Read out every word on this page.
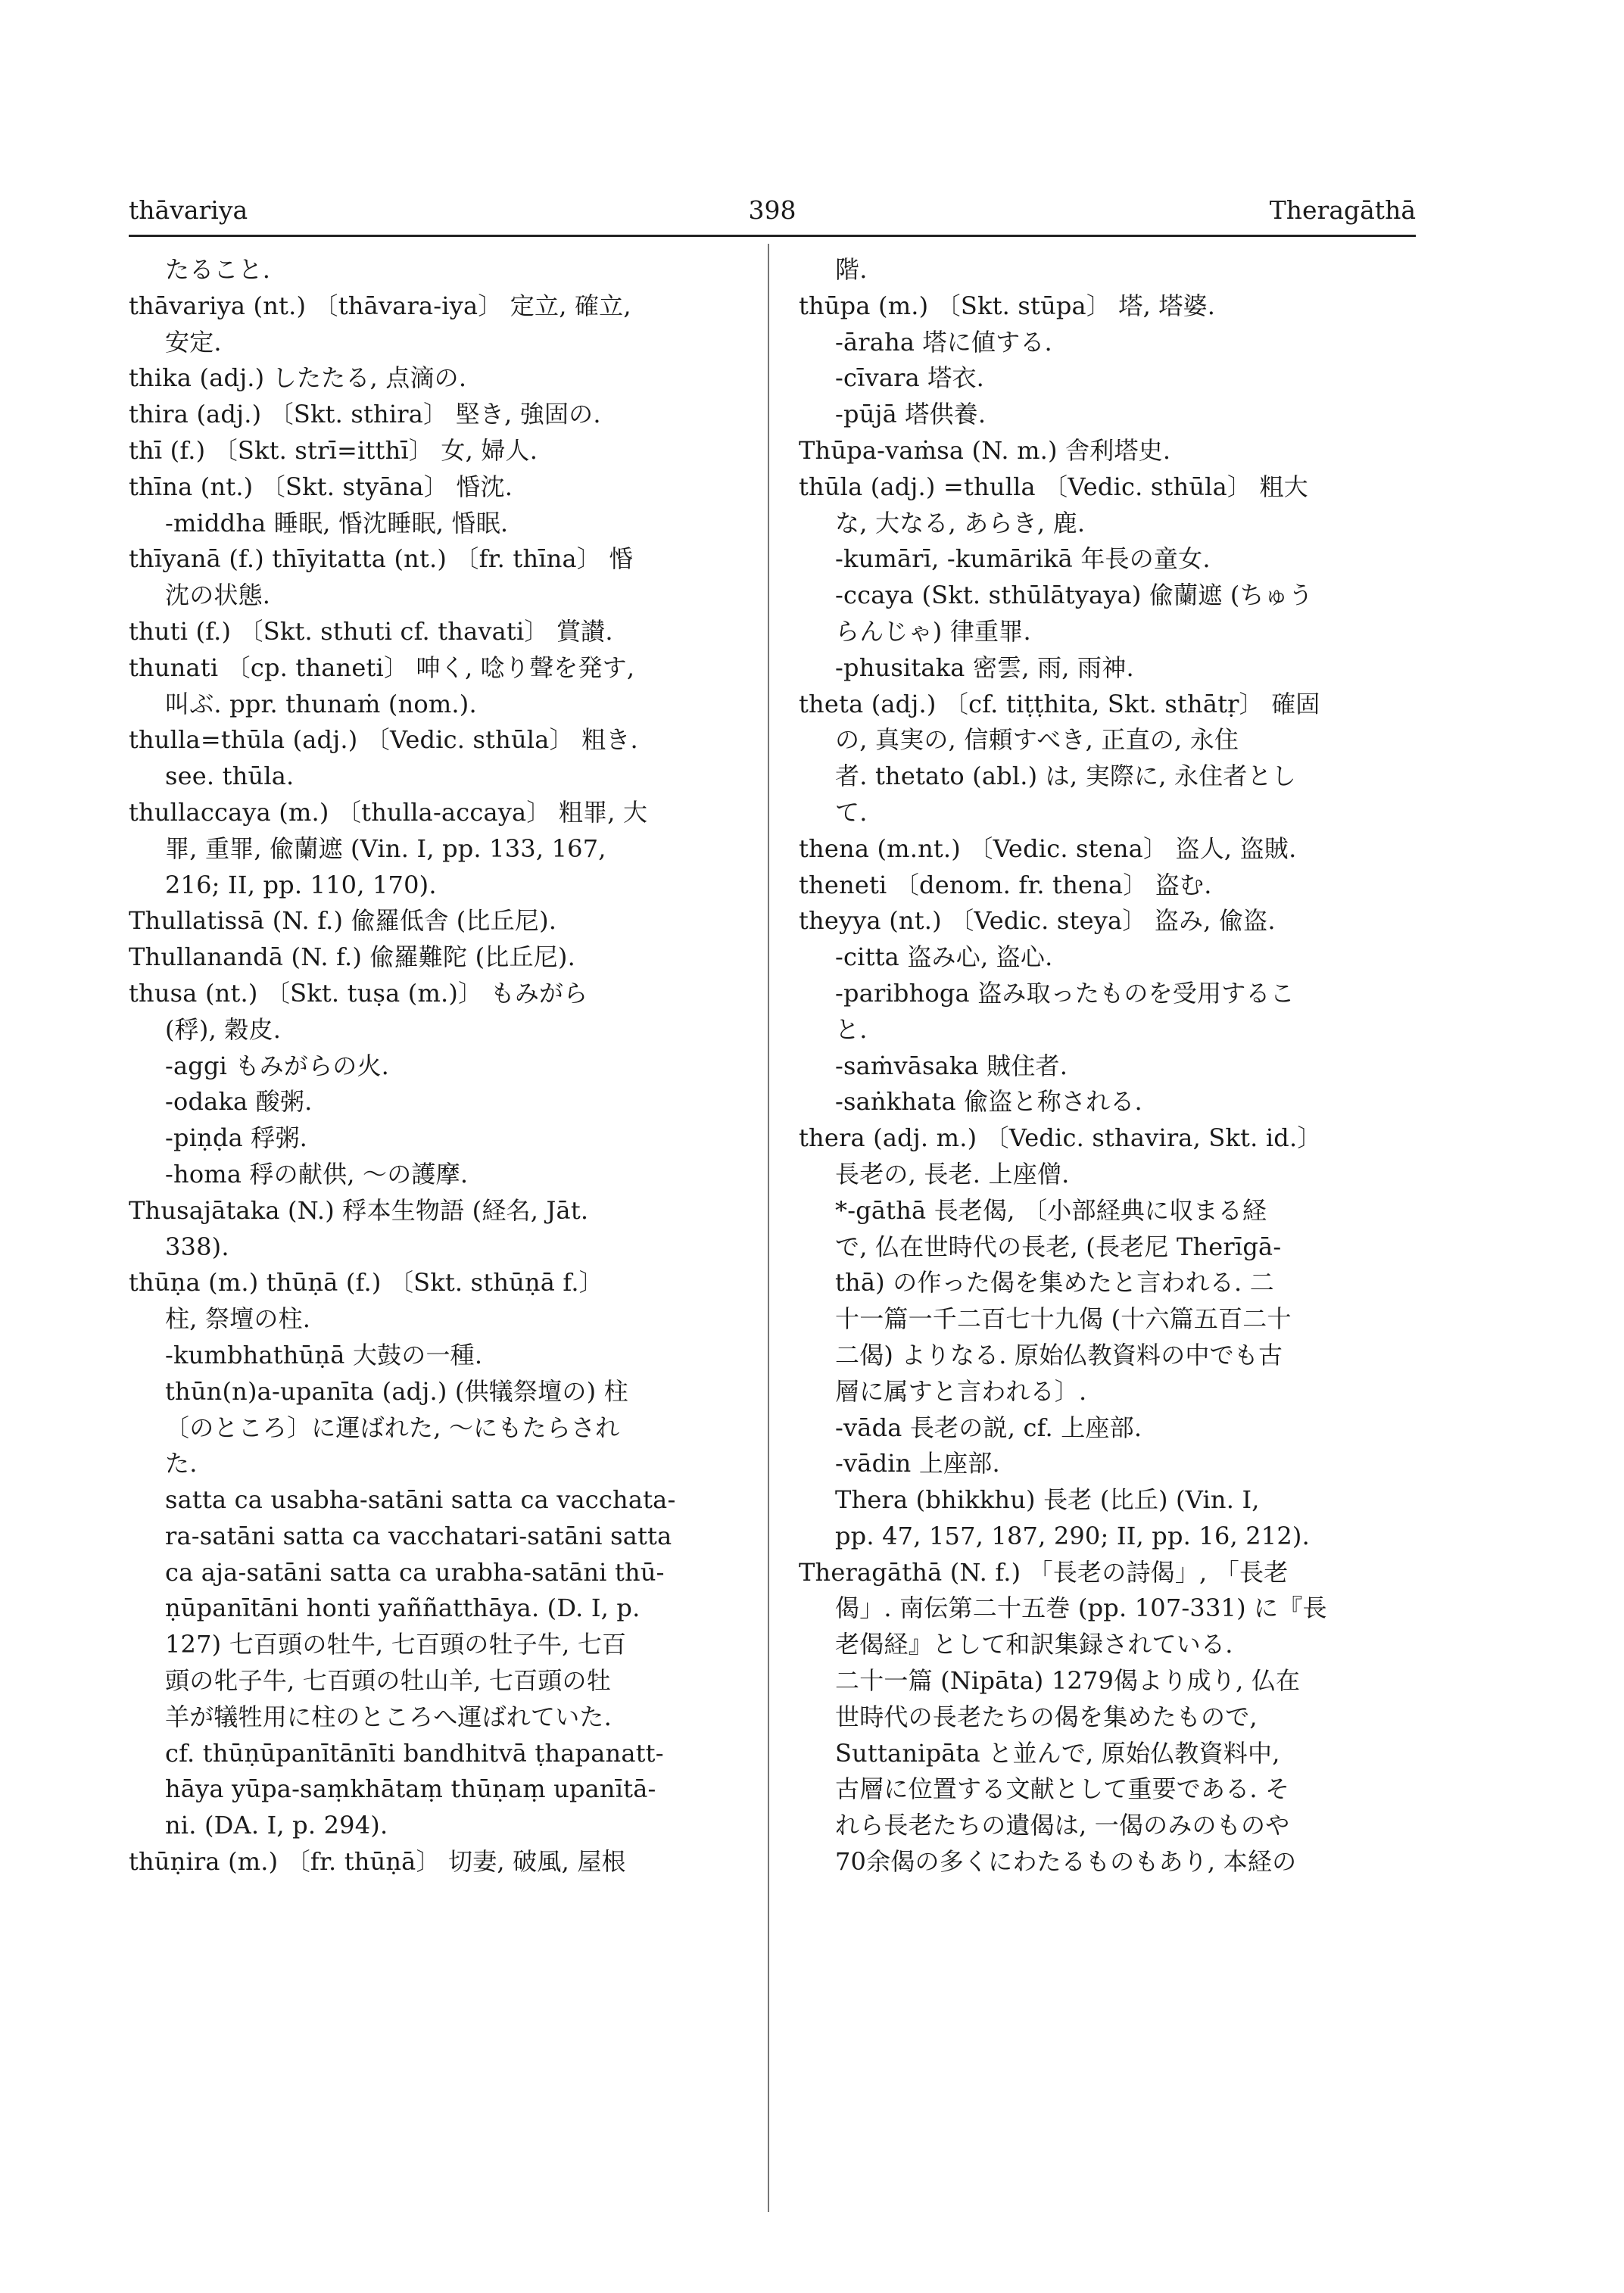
thāvariya	398	Theragāthā
たること.
thāvariya (nt.) 〔thāvara-iya〕 定立, 確立,
安定.
thika (adj.) したたる, 点滴の.
thira (adj.) 〔Skt. sthira〕 堅き, 強固の.
thī (f.) 〔Skt. strī=itthī〕 女, 婦人.
thīna (nt.) 〔Skt. styāna〕 惛沈.
-middha 睡眠, 惛沈睡眠, 惛眠.
thīyanā (f.) thīyitatta (nt.) 〔fr. thīna〕 惛
沈の状態.
thuti (f.) 〔Skt. sthuti cf. thavati〕 賞讃.
thunati 〔cp. thaneti〕 呻く, 唸り聲を発す,
叫ぶ. ppr. thunaṁ (nom.).
thulla=thūla (adj.) 〔Vedic. sthūla〕 粗き.
see. thūla.
thullaccaya (m.) 〔thulla-accaya〕 粗罪, 大
罪, 重罪, 偸蘭遮 (Vin. I, pp. 133, 167,
216; II, pp. 110, 170).
Thullatissā (N. f.) 偸羅低舎 (比丘尼).
Thullanandā (N. f.) 偸羅難陀 (比丘尼).
thusa (nt.) 〔Skt. tuṣa (m.)〕 もみがら
(稃), 穀皮.
-aggi もみがらの火.
-odaka 酸粥.
-piṇḍa 稃粥.
-homa 稃の献供, ～の護摩.
Thusajātaka (N.) 稃本生物語 (経名, Jāt.
338).
thūṇa (m.) thūṇā (f.) 〔Skt. sthūṇā f.〕
柱, 祭壇の柱.
-kumbhathūṇā 大鼓の一種.
thūn(n)a-upanīta (adj.) (供犠祭壇の) 柱
〔のところ〕に運ばれた, ～にもたらされ
た.
satta ca usabha-satāni satta ca vacchata-
ra-satāni satta ca vacchatari-satāni satta
ca aja-satāni satta ca urabha-satāni thū-
ṇūpanītāni honti yaññatthāya. (D. I, p.
127) 七百頭の牡牛, 七百頭の牡子牛, 七百
頭の牝子牛, 七百頭の牡山羊, 七百頭の牡
羊が犠牲用に柱のところへ運ばれていた.
cf. thūṇūpanītānīti bandhitvā ṭhapanatt-
hāya yūpa-saṃkhātaṃ thūṇaṃ upanītā-
ni. (DA. I, p. 294).
thūṇira (m.) 〔fr. thūṇā〕 切妻, 破風, 屋根
階.
thūpa (m.) 〔Skt. stūpa〕 塔, 塔婆.
-āraha 塔に値する.
-cīvara 塔衣.
-pūjā 塔供養.
Thūpa-vaṁsa (N. m.) 舎利塔史.
thūla (adj.) =thulla 〔Vedic. sthūla〕 粗大
な, 大なる, あらき, 鹿.
-kumārī, -kumārikā 年長の童女.
-ccaya (Skt. sthūlātyaya) 偸蘭遮 (ちゅう
らんじゃ) 律重罪.
-phusitaka 密雲, 雨, 雨神.
theta (adj.) 〔cf. tiṭṭhita, Skt. sthātṛ〕 確固
の, 真実の, 信頼すべき, 正直の, 永住
者. thetato (abl.) は, 実際に, 永住者とし
て.
thena (m.nt.) 〔Vedic. stena〕 盗人, 盗賊.
theneti 〔denom. fr. thena〕 盗む.
theyya (nt.) 〔Vedic. steya〕 盗み, 偸盗.
-citta 盗み心, 盗心.
-paribhoga 盗み取ったものを受用するこ
と.
-saṁvāsaka 賊住者.
-saṅkhata 偸盗と称される.
thera (adj. m.) 〔Vedic. sthavira, Skt. id.〕
長老の, 長老. 上座僧.
*-gāthā 長老偈, 〔小部経典に収まる経
で, 仏在世時代の長老, (長老尼 Therīgā-
thā) の作った偈を集めたと言われる. 二
十一篇一千二百七十九偈 (十六篇五百二十
二偈) よりなる. 原始仏教資料の中でも古
層に属すと言われる〕.
-vāda 長老の説, cf. 上座部.
-vādin 上座部.
Thera (bhikkhu) 長老 (比丘) (Vin. I,
pp. 47, 157, 187, 290; II, pp. 16, 212).
Theragāthā (N. f.) 「長老の詩偈」, 「長老
偈」. 南伝第二十五巻 (pp. 107-331) に『長
老偈経』として和訳集録されている.
二十一篇 (Nipāta) 1279偈より成り, 仏在
世時代の長老たちの偈を集めたもので,
Suttanipāta と並んで, 原始仏教資料中,
古層に位置する文献として重要である. そ
れら長老たちの遺偈は, 一偈のみのものや
70余偈の多くにわたるものもあり, 本経の
